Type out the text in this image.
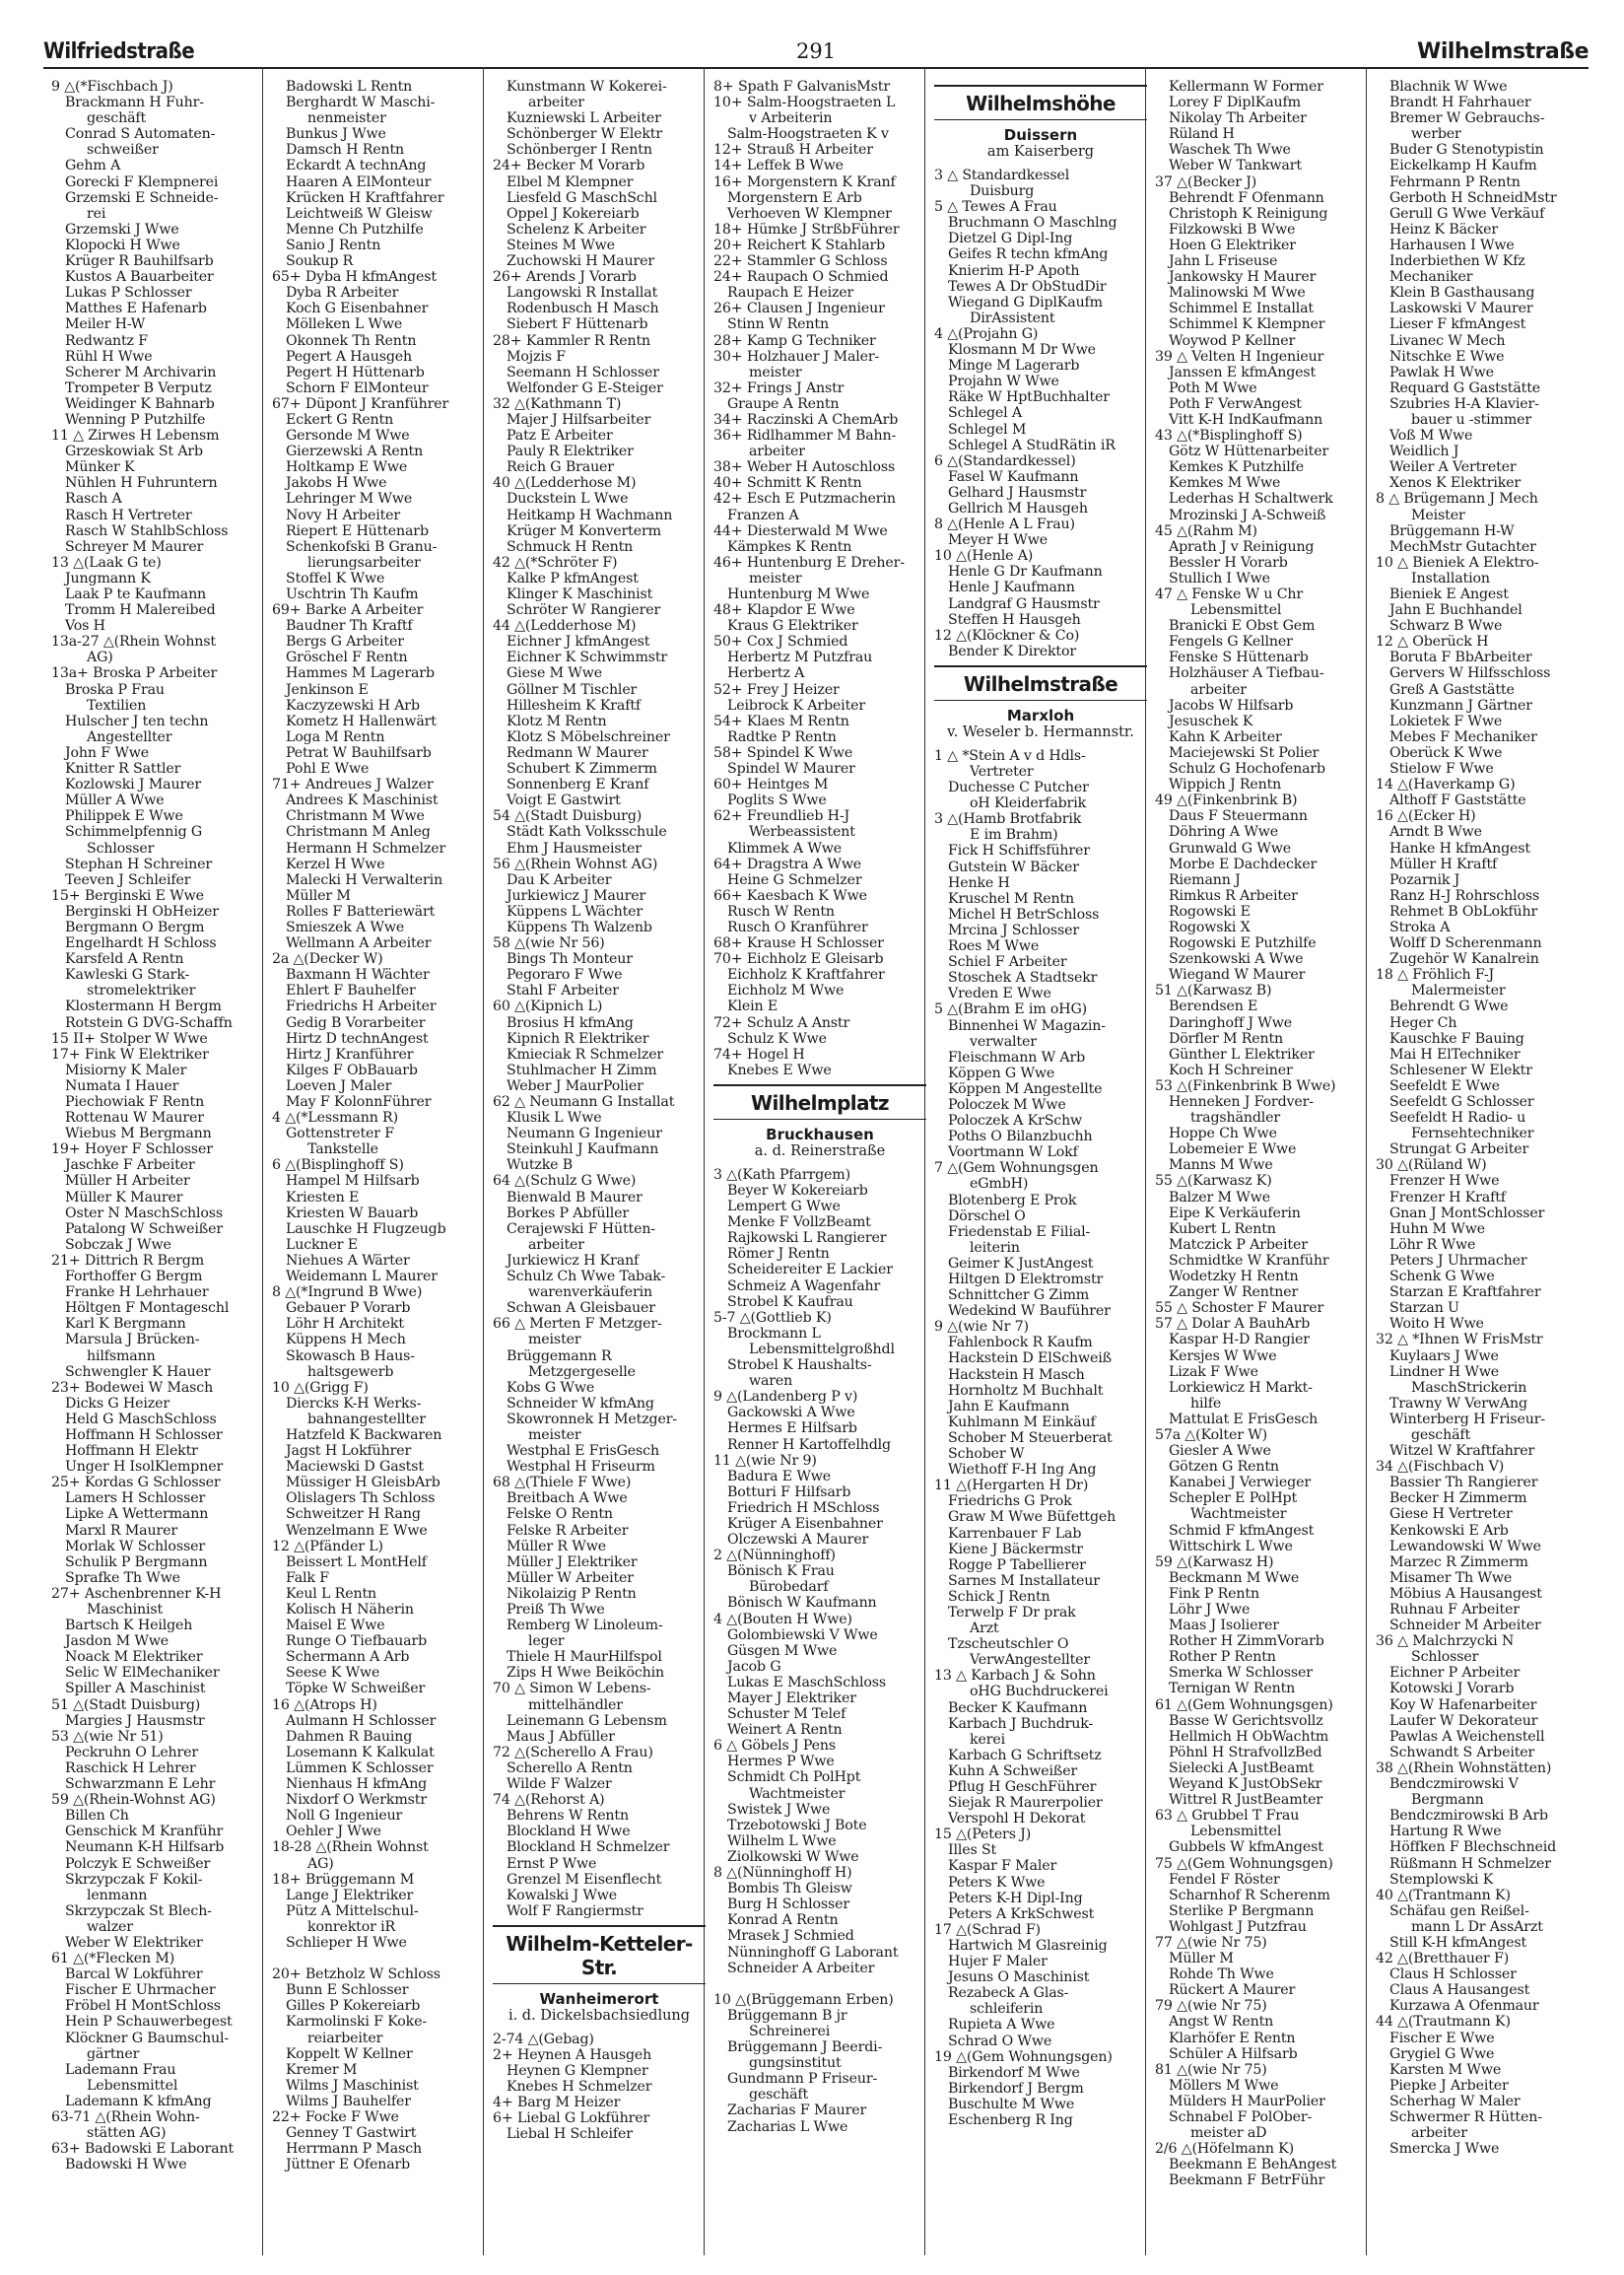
Wilfriedstraße	291	Wilhelmstraße
9 △(*Fischbach J)
Brackmann H Fuhr-
geschäft
Conrad S Automaten-
schweißer
Gehm A
Gorecki F Klempnerei
Grzemski E Schneide-
rei
Grzemski J Wwe
Klopocki H Wwe
Krüger R Bauhilfsarb
Kustos A Bauarbeiter
Lukas P Schlosser
Matthes E Hafenarb
Meiler H-W
Redwantz F
Rühl H Wwe
Scherer M Archivarin
Trompeter B Verputz
Weidinger K Bahnarb
Wenning P Putzhilfe
11 △ Zirwes H Lebensm
Grzeskowiak St Arb
Münker K
Nühlen H Fuhruntern
Rasch A
Rasch H Vertreter
Rasch W StahlbSchloss
Schreyer M Maurer
13 △(Laak G te)
Jungmann K
Laak P te Kaufmann
Tromm H Malereibed
Vos H
13a-27 △(Rhein Wohnst
AG)
13a+ Broska P Arbeiter
Broska P Frau
Textilien
Hulscher J ten techn
Angestellter
John F Wwe
Knitter R Sattler
Kozlowski J Maurer
Müller A Wwe
Philippek E Wwe
Schimmelpfennig G
Schlosser
Stephan H Schreiner
Teeven J Schleifer
15+ Berginski E Wwe
Berginski H ObHeizer
Bergmann O Bergm
Engelhardt H Schloss
Karsfeld A Rentn
Kawleski G Stark-
stromelektriker
Klostermann H Bergm
Rotstein G DVG-Schaffn
15 II+ Stolper W Wwe
17+ Fink W Elektriker
Misiorny K Maler
Numata I Hauer
Piechowiak F Rentn
Rottenau W Maurer
Wiebus M Bergmann
19+ Hoyer F Schlosser
Jaschke F Arbeiter
Müller H Arbeiter
Müller K Maurer
Oster N MaschSchloss
Patalong W Schweißer
Sobczak J Wwe
21+ Dittrich R Bergm
Forthoffer G Bergm
Franke H Lehrhauer
Höltgen F Montageschl
Karl K Bergmann
Marsula J Brücken-
hilfsmann
Schwengler K Hauer
23+ Bodewei W Masch
Dicks G Heizer
Held G MaschSchloss
Hoffmann H Schlosser
Hoffmann H Elektr
Unger H IsolKlempner
25+ Kordas G Schlosser
Lamers H Schlosser
Lipke A Wettermann
Marxl R Maurer
Morlak W Schlosser
Schulik P Bergmann
Sprafke Th Wwe
27+ Aschenbrenner K-H
Maschinist
Bartsch K Heilgeh
Jasdon M Wwe
Noack M Elektriker
Selic W ElMechaniker
Spiller A Maschinist
51 △(Stadt Duisburg)
Margies J Hausmstr
53 △(wie Nr 51)
Peckruhn O Lehrer
Raschick H Lehrer
Schwarzmann E Lehr
59 △(Rhein-Wohnst AG)
Billen Ch
Genschick M Kranführ
Neumann K-H Hilfsarb
Polczyk E Schweißer
Skrzypczak F Kokil-
lenmann
Skrzypczak St Blech-
walzer
Weber W Elektriker
61 △(*Flecken M)
Barcal W Lokführer
Fischer E Uhrmacher
Fröbel H MontSchloss
Hein P Schauwerbegest
Klöckner G Baumschul-
gärtner
Lademann Frau
Lebensmittel
Lademann K kfmAng
63-71 △(Rhein Wohn-
stätten AG)
63+ Badowski E Laborant
Badowski H Wwe
Badowski L Rentn
Berghardt W Maschi-
nenmeister
Bunkus J Wwe
Damsch H Rentn
Eckardt A technAng
Haaren A ElMonteur
Krücken H Kraftfahrer
Leichtweiß W Gleisw
Menne Ch Putzhilfe
Sanio J Rentn
Soukup R
65+ Dyba H kfmAngest
Dyba R Arbeiter
Koch G Eisenbahner
Mölleken L Wwe
Okonnek Th Rentn
Pegert A Hausgeh
Pegert H Hüttenarb
Schorn F ElMonteur
67+ Düpont J Kranführer
Eckert G Rentn
Gersonde M Wwe
Gierzewski A Rentn
Holtkamp E Wwe
Jakobs H Wwe
Lehringer M Wwe
Novy H Arbeiter
Riepert E Hüttenarb
Schenkofski B Granu-
lierungsarbeiter
Stoffel K Wwe
Uschtrin Th Kaufm
69+ Barke A Arbeiter
Baudner Th Kraftf
Bergs G Arbeiter
Gröschel F Rentn
Hammes M Lagerarb
Jenkinson E
Kaczyzewski H Arb
Kometz H Hallenwärt
Loga M Rentn
Petrat W Bauhilfsarb
Pohl E Wwe
71+ Andreues J Walzer
Andrees K Maschinist
Christmann M Wwe
Christmann M Anleg
Hermann H Schmelzer
Kerzel H Wwe
Malecki H Verwalterin
Müller M
Rolles F Batteriewärt
Smieszek A Wwe
Wellmann A Arbeiter
2a △(Decker W)
Baxmann H Wächter
Ehlert F Bauhelfer
Friedrichs H Arbeiter
Gedig B Vorarbeiter
Hirtz D technAngest
Hirtz J Kranführer
Kilges F ObBauarb
Loeven J Maler
May F KolonnFührer
4 △(*Lessmann R)
Gottenstreter F
Tankstelle
6 △(Bisplinghoff S)
Hampel M Hilfsarb
Kriesten E
Kriesten W Bauarb
Lauschke H Flugzeugb
Luckner E
Niehues A Wärter
Weidemann L Maurer
8 △(*Ingrund B Wwe)
Gebauer P Vorarb
Löhr H Architekt
Küppens H Mech
Skowasch B Haus-
haltsgewerb
10 △(Grigg F)
Diercks K-H Werks-
bahnangestellter
Hatzfeld K Backwaren
Jagst H Lokführer
Maciewski D Gastst
Müssiger H GleisbArb
Olislagers Th Schloss
Schweitzer H Rang
Wenzelmann E Wwe
12 △(Pfänder L)
Beissert L MontHelf
Falk F
Keul L Rentn
Kolisch H Näherin
Maisel E Wwe
Runge O Tiefbauarb
Schermann A Arb
Seese K Wwe
Töpke W Schweißer
16 △(Atrops H)
Aulmann H Schlosser
Dahmen R Bauing
Losemann K Kalkulat
Lümmen K Schlosser
Nienhaus H kfmAng
Nixdorf O Werkmstr
Noll G Ingenieur
Oehler J Wwe
18-28 △(Rhein Wohnst
AG)
18+ Brüggemann M
Lange J Elektriker
Pütz A Mittelschul-
konrektor iR
Schlieper H Wwe

20+ Betzholz W Schloss
Bunn E Schlosser
Gilles P Kokereiarb
Karmolinski F Koke-
reiarbeiter
Koppelt W Kellner
Kremer M
Wilms J Maschinist
Wilms J Bauhelfer
22+ Focke F Wwe
Genney T Gastwirt
Herrmann P Masch
Jüttner E Ofenarb
Kunstmann W Kokerei-
arbeiter
Kuzniewski L Arbeiter
Schönberger W Elektr
Schönberger I Rentn
24+ Becker M Vorarb
Elbel M Klempner
Liesfeld G MaschSchl
Oppel J Kokereiarb
Schelenz K Arbeiter
Steines M Wwe
Zuchowski H Maurer
26+ Arends J Vorarb
Langowski R Installat
Rodenbusch H Masch
Siebert F Hüttenarb
28+ Kammler R Rentn
Mojzis F
Seemann H Schlosser
Welfonder G E-Steiger
32 △(Kathmann T)
Majer J Hilfsarbeiter
Patz E Arbeiter
Pauly R Elektriker
Reich G Brauer
40 △(Ledderhose M)
Duckstein L Wwe
Heitkamp H Wachmann
Krüger M Konverterm
Schmuck H Rentn
42 △(*Schröter F)
Kalke P kfmAngest
Klinger K Maschinist
Schröter W Rangierer
44 △(Ledderhose M)
Eichner J kfmAngest
Eichner K Schwimmstr
Giese M Wwe
Göllner M Tischler
Hillesheim K Kraftf
Klotz M Rentn
Klotz S Möbelschreiner
Redmann W Maurer
Schubert K Zimmerm
Sonnenberg E Kranf
Voigt E Gastwirt
54 △(Stadt Duisburg)
Städt Kath Volksschule
Ehm J Hausmeister
56 △(Rhein Wohnst AG)
Dau K Arbeiter
Jurkiewicz J Maurer
Küppens L Wächter
Küppens Th Walzenb
58 △(wie Nr 56)
Bings Th Monteur
Pegoraro F Wwe
Stahl F Arbeiter
60 △(Kipnich L)
Brosius H kfmAng
Kipnich R Elektriker
Kmieciak R Schmelzer
Stuhlmacher H Zimm
Weber J MaurPolier
62 △ Neumann G Installat
Klusik L Wwe
Neumann G Ingenieur
Steinkuhl J Kaufmann
Wutzke B
64 △(Schulz G Wwe)
Bienwald B Maurer
Borkes P Abfüller
Cerajewski F Hütten-
arbeiter
Jurkiewicz H Kranf
Schulz Ch Wwe Tabak-
warenverkäuferin
Schwan A Gleisbauer
66 △ Merten F Metzger-
meister
Brüggemann R
Metzgergeselle
Kobs G Wwe
Schneider W kfmAng
Skowronnek H Metzger-
meister
Westphal E FrisGesch
Westphal H Friseurm
68 △(Thiele F Wwe)
Breitbach A Wwe
Felske O Rentn
Felske R Arbeiter
Müller R Wwe
Müller J Elektriker
Müller W Arbeiter
Nikolaizig P Rentn
Preiß Th Wwe
Remberg W Linoleum-
leger
Thiele H MaurHilfspol
Zips H Wwe Beiköchin
70 △ Simon W Lebens-
mittelhändler
Leinemann G Lebensm
Maus J Abfüller
72 △(Scherello A Frau)
Scherello A Rentn
Wilde F Walzer
74 △(Rehorst A)
Behrens W Rentn
Blockland H Wwe
Blockland H Schmelzer
Ernst P Wwe
Grenzel M Eisenflecht
Kowalski J Wwe
Wolf F Rangiermstr
Wilhelm-Ketteler-Str.
Wanheimerort
i. d. Dickelsbachsiedlung
2-74 △(Gebag)
2+ Heynen A Hausgeh
Heynen G Klempner
Knebes H Schmelzer
4+ Barg M Heizer
6+ Liebal G Lokführer
Liebal H Schleifer
8+ Spath F GalvanisMstr
10+ Salm-Hoogstraeten L
v Arbeiterin
Salm-Hoogstraeten K v
12+ Strauß H Arbeiter
14+ Leffek B Wwe
16+ Morgenstern K Kranf
Morgenstern E Arb
Verhoeven W Klempner
18+ Hümke J StrßbFührer
20+ Reichert K Stahlarb
22+ Stammler G Schloss
24+ Raupach O Schmied
Raupach E Heizer
26+ Clausen J Ingenieur
Stinn W Rentn
28+ Kamp G Techniker
30+ Holzhauer J Maler-
meister
32+ Frings J Anstr
Graupe A Rentn
34+ Raczinski A ChemArb
36+ Ridlhammer M Bahn-
arbeiter
38+ Weber H Autoschloss
40+ Schmitt K Rentn
42+ Esch E Putzmacherin
Franzen A
44+ Diesterwald M Wwe
Kämpkes K Rentn
46+ Huntenburg E Dreher-
meister
Huntenburg M Wwe
48+ Klapdor E Wwe
Kraus G Elektriker
50+ Cox J Schmied
Herbertz M Putzfrau
Herbertz A
52+ Frey J Heizer
Leibrock K Arbeiter
54+ Klaes M Rentn
Radtke P Rentn
58+ Spindel K Wwe
Spindel W Maurer
60+ Heintges M
Poglits S Wwe
62+ Freundlieb H-J
Werbeassistent
Klimmek A Wwe
64+ Dragstra A Wwe
Heine G Schmelzer
66+ Kaesbach K Wwe
Rusch W Rentn
Rusch O Kranführer
68+ Krause H Schlosser
70+ Eichholz E Gleisarb
Eichholz K Kraftfahrer
Eichholz M Wwe
Klein E
72+ Schulz A Anstr
Schulz K Wwe
74+ Hogel H
Knebes E Wwe
Wilhelmplatz
Bruckhausen
a. d. Reinerstraße
3 △(Kath Pfarrgem)
Beyer W Kokereiarb
Lempert G Wwe
Menke F VollzBeamt
Rajkowski L Rangierer
Römer J Rentn
Scheidereiter E Lackier
Schmeiz A Wagenfahr
Strobel K Kaufrau
5-7 △(Gottlieb K)
Brockmann L
Lebensmittelgroßhdl
Strobel K Haushalts-
waren
9 △(Landenberg P v)
Gackowski A Wwe
Hermes E Hilfsarb
Renner H Kartoffelhdlg
11 △(wie Nr 9)
Badura E Wwe
Botturi F Hilfsarb
Friedrich H MSchloss
Krüger A Eisenbahner
Olczewski A Maurer
2 △(Nünninghoff)
Bönisch K Frau
Bürobedarf
Bönisch W Kaufmann
4 △(Bouten H Wwe)
Golombiewski V Wwe
Güsgen M Wwe
Jacob G
Lukas E MaschSchloss
Mayer J Elektriker
Schuster M Telef
Weinert A Rentn
6 △ Göbels J Pens
Hermes P Wwe
Schmidt Ch PolHpt
Wachtmeister
Swistek J Wwe
Trzebotowski J Bote
Wilhelm L Wwe
Ziolkowski W Wwe
8 △(Nünninghoff H)
Bombis Th Gleisw
Burg H Schlosser
Konrad A Rentn
Mrasek J Schmied
Nünninghoff G Laborant
Schneider A Arbeiter

10 △(Brüggemann Erben)
Brüggemann B jr
Schreinerei
Brüggemann J Beerdi-
gungsinstitut
Gundmann P Friseur-
geschäft
Zacharias F Maurer
Zacharias L Wwe
Wilhelmshöhe
Duissern
am Kaiserberg
3 △ Standardkessel
Duisburg
5 △ Tewes A Frau
Bruchmann O Maschlng
Dietzel G Dipl-Ing
Geifes R techn kfmAng
Knierim H-P Apoth
Tewes A Dr ObStudDir
Wiegand G DiplKaufm
DirAssistent
4 △(Projahn G)
Klosmann M Dr Wwe
Minge M Lagerarb
Projahn W Wwe
Räke W HptBuchhalter
Schlegel A
Schlegel M
Schlegel A StudRätin iR
6 △(Standardkessel)
Fasel W Kaufmann
Gelhard J Hausmstr
Gellrich M Hausgeh
8 △(Henle A L Frau)
Meyer H Wwe
10 △(Henle A)
Henle G Dr Kaufmann
Henle J Kaufmann
Landgraf G Hausmstr
Steffen H Hausgeh
12 △(Klöckner & Co)
Bender K Direktor
Wilhelmstraße
Marxloh
v. Weseler b. Hermannstr.
1 △ *Stein A v d Hdls-
Vertreter
Duchesse C Putcher
oH Kleiderfabrik
3 △(Hamb Brotfabrik
E im Brahm)
Fick H Schiffsführer
Gutstein W Bäcker
Henke H
Kruschel M Rentn
Michel H BetrSchloss
Mrcina J Schlosser
Roes M Wwe
Schiel F Arbeiter
Stoschek A Stadtsekr
Vreden E Wwe
5 △(Brahm E im oHG)
Binnenhei W Magazin-
verwalter
Fleischmann W Arb
Köppen G Wwe
Köppen M Angestellte
Poloczek M Wwe
Poloczek A KrSchw
Poths O Bilanzbuchh
Voortmann W Lokf
7 △(Gem Wohnungsgen
eGmbH)
Blotenberg E Prok
Dörschel O
Friedenstab E Filial-
leiterin
Geimer K JustAngest
Hiltgen D Elektromstr
Schnittcher G Zimm
Wedekind W Bauführer
9 △(wie Nr 7)
Fahlenbock R Kaufm
Hackstein D ElSchweiß
Hackstein H Masch
Hornholtz M Buchhalt
Jahn E Kaufmann
Kuhlmann M Einkäuf
Schober M Steuerberat
Schober W
Wiethoff F-H Ing Ang
11 △(Hergarten H Dr)
Friedrichs G Prok
Graw M Wwe Büfettgeh
Karrenbauer F Lab
Kiene J Bäckermstr
Rogge P Tabellierer
Sarnes M Installateur
Schick J Rentn
Terwelp F Dr prak
Arzt
Tzscheutschler O
VerwAngestellter
13 △ Karbach J & Sohn
oHG Buchdruckerei
Becker K Kaufmann
Karbach J Buchdruk-
kerei
Karbach G Schriftsetz
Kuhn A Schweißer
Pflug H GeschFührer
Siejak R Maurerpolier
Verspohl H Dekorat
15 △(Peters J)
Illes St
Kaspar F Maler
Peters K Wwe
Peters K-H Dipl-Ing
Peters A KrkSchwest
17 △(Schrad F)
Hartwich M Glasreinig
Hujer F Maler
Jesuns O Maschinist
Rezabeck A Glas-
schleiferin
Rupieta A Wwe
Schrad O Wwe
19 △(Gem Wohnungsgen)
Birkendorf M Wwe
Birkendorf J Bergm
Buschulte M Wwe
Eschenberg R Ing
Kellermann W Former
Lorey F DiplKaufm
Nikolay Th Arbeiter
Rüland H
Waschek Th Wwe
Weber W Tankwart
37 △(Becker J)
Behrendt F Ofenmann
Christoph K Reinigung
Filzkowski B Wwe
Hoen G Elektriker
Jahn L Friseuse
Jankowsky H Maurer
Malinowski M Wwe
Schimmel E Installat
Schimmel K Klempner
Woywod P Kellner
39 △ Velten H Ingenieur
Janssen E kfmAngest
Poth M Wwe
Poth F VerwAngest
Vitt K-H IndKaufmann
43 △(*Bisplinghoff S)
Götz W Hüttenarbeiter
Kemkes K Putzhilfe
Kemkes M Wwe
Lederhas H Schaltwerk
Mrozinski J A-Schweiß
45 △(Rahm M)
Aprath J v Reinigung
Bessler H Vorarb
Stullich I Wwe
47 △ Fenske W u Chr
Lebensmittel
Branicki E Obst Gem
Fengels G Kellner
Fenske S Hüttenarb
Holzhäuser A Tiefbau-
arbeiter
Jacobs W Hilfsarb
Jesuschek K
Kahn K Arbeiter
Maciejewski St Polier
Schulz G Hochofenarb
Wippich J Rentn
49 △(Finkenbrink B)
Daus F Steuermann
Döhring A Wwe
Grunwald G Wwe
Morbe E Dachdecker
Riemann J
Rimkus R Arbeiter
Rogowski E
Rogowski X
Rogowski E Putzhilfe
Szenkowski A Wwe
Wiegand W Maurer
51 △(Karwasz B)
Berendsen E
Daringhoff J Wwe
Dörfler M Rentn
Günther L Elektriker
Koch H Schreiner
53 △(Finkenbrink B Wwe)
Henneken J Fordver-
tragshändler
Hoppe Ch Wwe
Lobemeier E Wwe
Manns M Wwe
55 △(Karwasz K)
Balzer M Wwe
Eipe K Verkäuferin
Kubert L Rentn
Matczick P Arbeiter
Schmidtke W Kranführ
Wodetzky H Rentn
Zanger W Rentner
55 △ Schoster F Maurer
57 △ Dolar A BauhArb
Kaspar H-D Rangier
Kersjes W Wwe
Lizak F Wwe
Lorkiewicz H Markt-
hilfe
Mattulat E FrisGesch
57a △(Kolter W)
Giesler A Wwe
Götzen G Rentn
Kanabei J Verwieger
Schepler E PolHpt
Wachtmeister
Schmid F kfmAngest
Wittschirk L Wwe
59 △(Karwasz H)
Beckmann M Wwe
Fink P Rentn
Löhr J Wwe
Maas J Isolierer
Rother H ZimmVorarb
Rother P Rentn
Smerka W Schlosser
Ternigan W Rentn
61 △(Gem Wohnungsgen)
Basse W Gerichtsvollz
Hellmich H ObWachtm
Pöhnl H StrafvollzBed
Sielecki A JustBeamt
Weyand K JustObSekr
Wittrel R JustBeamter
63 △ Grubbel T Frau
Lebensmittel
Gubbels W kfmAngest
75 △(Gem Wohnungsgen)
Fendel F Röster
Scharnhof R Scherenm
Sterlike P Bergmann
Wohlgast J Putzfrau
77 △(wie Nr 75)
Müller M
Rohde Th Wwe
Rückert A Maurer
79 △(wie Nr 75)
Angst W Rentn
Klarhöfer E Rentn
Schüler A Hilfsarb
81 △(wie Nr 75)
Möllers M Wwe
Mülders H MaurPolier
Schnabel F PolOber-
meister aD
2/6 △(Höfelmann K)
Beekmann E BehAngest
Beekmann F BetrFühr
Blachnik W Wwe
Brandt H Fahrhauer
Bremer W Gebrauchs-
werber
Buder G Stenotypistin
Eickelkamp H Kaufm
Fehrmann P Rentn
Gerboth H SchneidMstr
Gerull G Wwe Verkäuf
Heinz K Bäcker
Harhausen I Wwe
Inderbiethen W Kfz
Mechaniker
Klein B Gasthausang
Laskowski V Maurer
Lieser F kfmAngest
Livanec W Mech
Nitschke E Wwe
Pawlak H Wwe
Requard G Gaststätte
Szubries H-A Klavier-
bauer u -stimmer
Voß M Wwe
Weidlich J
Weiler A Vertreter
Xenos K Elektriker
8 △ Brügemann J Mech
Meister
Brüggemann H-W
MechMstr Gutachter
10 △ Bieniek A Elektro-
Installation
Bieniek E Angest
Jahn E Buchhandel
Schwarz B Wwe
12 △ Oberück H
Boruta F BbArbeiter
Gervers W Hilfsschloss
Greß A Gaststätte
Kunzmann J Gärtner
Lokietek F Wwe
Mebes F Mechaniker
Oberück K Wwe
Stielow F Wwe
14 △(Haverkamp G)
Althoff F Gaststätte
16 △(Ecker H)
Arndt B Wwe
Hanke H kfmAngest
Müller H Kraftf
Pozarnik J
Ranz H-J Rohrschloss
Rehmet B ObLokführ
Stroka A
Wolff D Scherenmann
Zugehör W Kanalrein
18 △ Fröhlich F-J
Malermeister
Behrendt G Wwe
Heger Ch
Kauschke F Bauing
Mai H ElTechniker
Schlesener W Elektr
Seefeldt E Wwe
Seefeldt G Schlosser
Seefeldt H Radio- u
Fernsehtechniker
Strungat G Arbeiter
30 △(Rüland W)
Frenzer H Wwe
Frenzer H Kraftf
Gnan J MontSchlosser
Huhn M Wwe
Löhr R Wwe
Peters J Uhrmacher
Schenk G Wwe
Starzan E Kraftfahrer
Starzan U
Woito H Wwe
32 △ *Ihnen W FrisMstr
Kuylaars J Wwe
Lindner H Wwe
MaschStrickerin
Trawny W VerwAng
Winterberg H Friseur-
geschäft
Witzel W Kraftfahrer
34 △(Fischbach V)
Bassier Th Rangierer
Becker H Zimmerm
Giese H Vertreter
Kenkowski E Arb
Lewandowski W Wwe
Marzec R Zimmerm
Misamer Th Wwe
Möbius A Hausangest
Ruhnau F Arbeiter
Schneider M Arbeiter
36 △ Malchrzycki N
Schlosser
Eichner P Arbeiter
Kotowski J Vorarb
Koy W Hafenarbeiter
Laufer W Dekorateur
Pawlas A Weichenstell
Schwandt S Arbeiter
38 △(Rhein Wohnstätten)
Bendczmirowski V
Bergmann
Bendczmirowski B Arb
Hartung R Wwe
Höffken F Blechschneid
Rüßmann H Schmelzer
Stemplowski K
40 △(Trantmann K)
Schäfau gen Reißel-
mann L Dr AssArzt
Still K-H kfmAngest
42 △(Bretthauer F)
Claus H Schlosser
Claus A Hausangest
Kurzawa A Ofenmaur
44 △(Trautmann K)
Fischer E Wwe
Grygiel G Wwe
Karsten M Wwe
Piepke J Arbeiter
Scherhag W Maler
Schwermer R Hütten-
arbeiter
Smercka J Wwe
